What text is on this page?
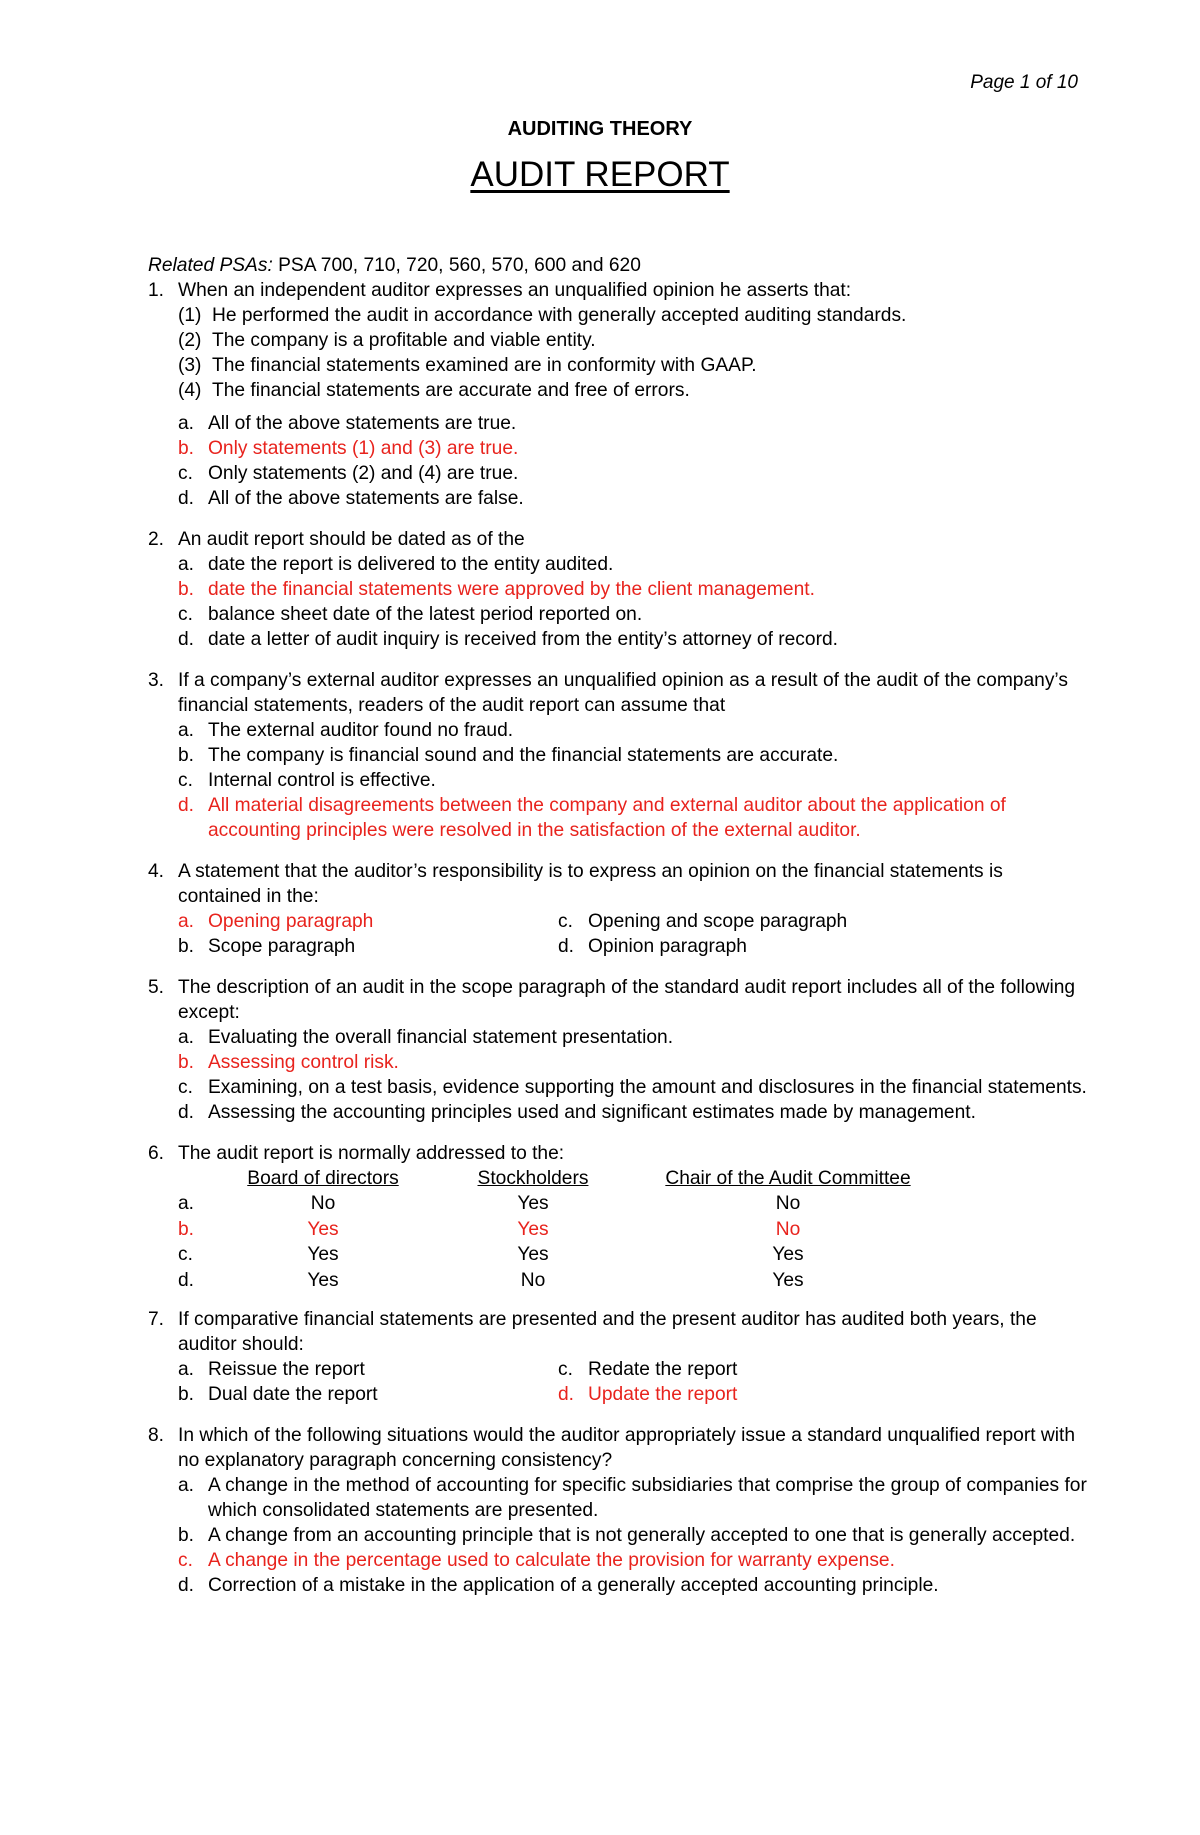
Page 1 of 10
AUDITING THEORY
AUDIT REPORT
Related PSAs: PSA 700, 710, 720, 560, 570, 600 and 620
1. When an independent auditor expresses an unqualified opinion he asserts that:
(1) He performed the audit in accordance with generally accepted auditing standards.
(2) The company is a profitable and viable entity.
(3) The financial statements examined are in conformity with GAAP.
(4) The financial statements are accurate and free of errors.
a. All of the above statements are true.
b. Only statements (1) and (3) are true.
c. Only statements (2) and (4) are true.
d. All of the above statements are false.
2. An audit report should be dated as of the
a. date the report is delivered to the entity audited.
b. date the financial statements were approved by the client management.
c. balance sheet date of the latest period reported on.
d. date a letter of audit inquiry is received from the entity’s attorney of record.
3. If a company’s external auditor expresses an unqualified opinion as a result of the audit of the company’s financial statements, readers of the audit report can assume that
a. The external auditor found no fraud.
b. The company is financial sound and the financial statements are accurate.
c. Internal control is effective.
d. All material disagreements between the company and external auditor about the application of accounting principles were resolved in the satisfaction of the external auditor.
4. A statement that the auditor’s responsibility is to express an opinion on the financial statements is contained in the:
a. Opening paragraph	c. Opening and scope paragraph
b. Scope paragraph	d. Opinion paragraph
5. The description of an audit in the scope paragraph of the standard audit report includes all of the following except:
a. Evaluating the overall financial statement presentation.
b. Assessing control risk.
c. Examining, on a test basis, evidence supporting the amount and disclosures in the financial statements.
d. Assessing the accounting principles used and significant estimates made by management.
6. The audit report is normally addressed to the:
	Board of directors	Stockholders	Chair of the Audit Committee
a.	No	Yes	No
b.	Yes	Yes	No
c.	Yes	Yes	Yes
d.	Yes	No	Yes
7. If comparative financial statements are presented and the present auditor has audited both years, the auditor should:
a. Reissue the report	c. Redate the report
b. Dual date the report	d. Update the report
8. In which of the following situations would the auditor appropriately issue a standard unqualified report with no explanatory paragraph concerning consistency?
a. A change in the method of accounting for specific subsidiaries that comprise the group of companies for which consolidated statements are presented.
b. A change from an accounting principle that is not generally accepted to one that is generally accepted.
c. A change in the percentage used to calculate the provision for warranty expense.
d. Correction of a mistake in the application of a generally accepted accounting principle.
